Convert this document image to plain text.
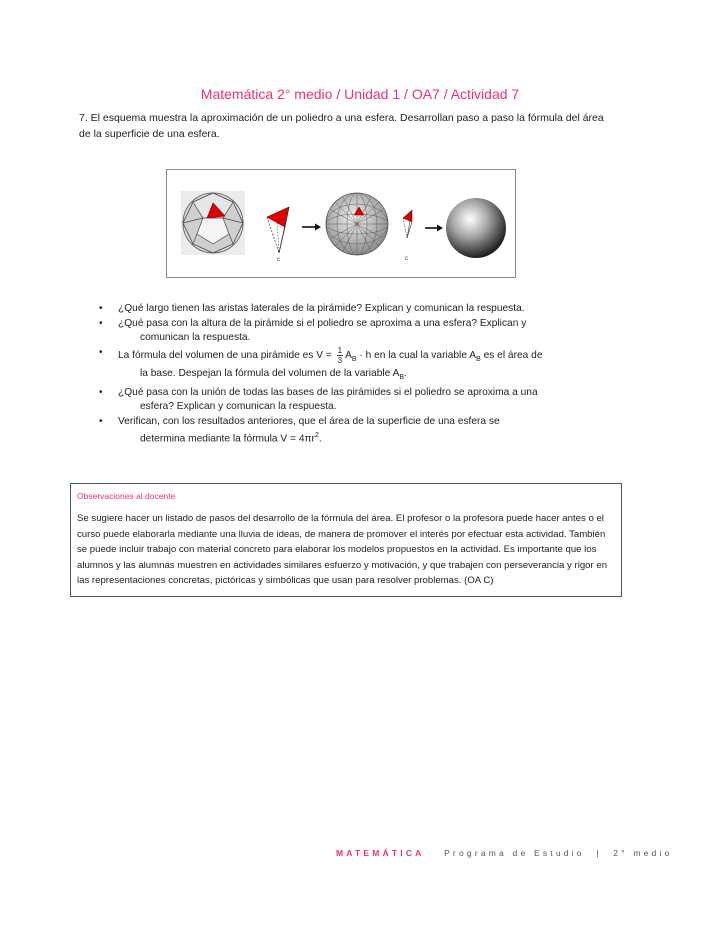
Matemática 2° medio / Unidad 1 / OA7 / Actividad 7
7. El esquema muestra la aproximación de un poliedro a una esfera. Desarrollan paso a paso la fórmula del área de la superficie de una esfera.
c	c
• ¿Qué largo tienen las aristas laterales de la pirámide? Explican y comunican la respuesta.
• ¿Qué pasa con la altura de la pirámide si el poliedro se aproxima a una esfera? Explican y
comunican la respuesta.
• La fórmula del volumen de una pirámide es $V = \frac{1}{3} A_B \cdot h$ en la cual la variable $A_B$ es el área de
la base. Despejan la fórmula del volumen de la variable $A_B$.
• ¿Qué pasa con la unión de todas las bases de las pirámides si el poliedro se aproxima a una
esfera? Explican y comunican la respuesta.
• Verifican, con los resultados anteriores, que el área de la superficie de una esfera se
determina mediante la fórmula $V = 4\pi r^2$.
Observaciones al docente
Se sugiere hacer un listado de pasos del desarrollo de la fórmula del área. El profesor o la profesora puede hacer antes o el curso puede elaborarla mediante una lluvia de ideas, de manera de promover el interés por efectuar esta actividad. También se puede incluir trabajo con material concreto para elaborar los modelos propuestos en la actividad. Es importante que los alumnos y las alumnas muestren en actividades similares esfuerzo y motivación, y que trabajen con perseverancia y rigor en las representaciones concretas, pictóricas y simbólicas que usan para resolver problemas. (OA C)
MATEMÁTICA Programa de Estudio | 2° medio
